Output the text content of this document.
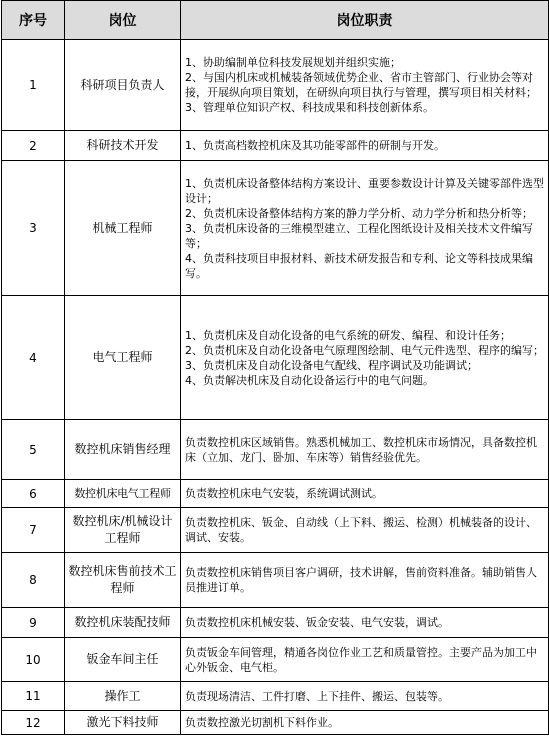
序号	岗位	岗位职责
1	科研项目负责人	1、协助编制单位科技发展规划并组织实施；
2、与国内机床或机械装备领域优势企业、省市主管部门、行业协会等对接，开展纵向项目策划，在研纵向项目执行与管理，撰写项目相关材料；
3、管理单位知识产权、科技成果和科技创新体系。

2	科研技术开发	1、负责高档数控机床及其功能零部件的研制与开发。

3	机械工程师	1、负责机床设备整体结构方案设计、重要参数设计计算及关键零部件选型设计；
2、负责机床设备整体结构方案的静力学分析、动力学分析和热分析等；
3、负责机床设备的三维模型建立、工程化图纸设计及相关技术文件编写等；
4、负责科技项目申报材料、新技术研发报告和专利、论文等科技成果编写。

4	电气工程师	1、负责机床及自动化设备的电气系统的研发、编程、和设计任务；
2、负责机床及自动化设备电气原理图绘制、电气元件选型、程序的编写；
3、负责机床及自动化设备电气配线、程序调试及功能调试；
4、负责解决机床及自动化设备运行中的电气问题。

5	数控机床销售经理	负责数控机床区域销售。熟悉机械加工、数控机床市场情况，具备数控机床（立加、龙门、卧加、车床等）销售经验优先。

6	数控机床电气工程师	负责数控机床电气安装，系统调试测试。

7	数控机床/机械设计工程师	负责数控机床、钣金、自动线（上下料、搬运、检测）机械装备的设计、调试、安装。

8	数控机床售前技术工程师	负责数控机床销售项目客户调研，技术讲解，售前资料准备。辅助销售人员推进订单。

9	数控机床装配技师	负责数控机床机械安装、钣金安装、电气安装，调试。

10	钣金车间主任	负责钣金车间管理，精通各岗位作业工艺和质量管控。主要产品为加工中心外钣金、电气柜。

11	操作工	负责现场清洁、工件打磨、上下挂件、搬运、包装等。

12	激光下料技师	负责数控激光切割机下料作业。
